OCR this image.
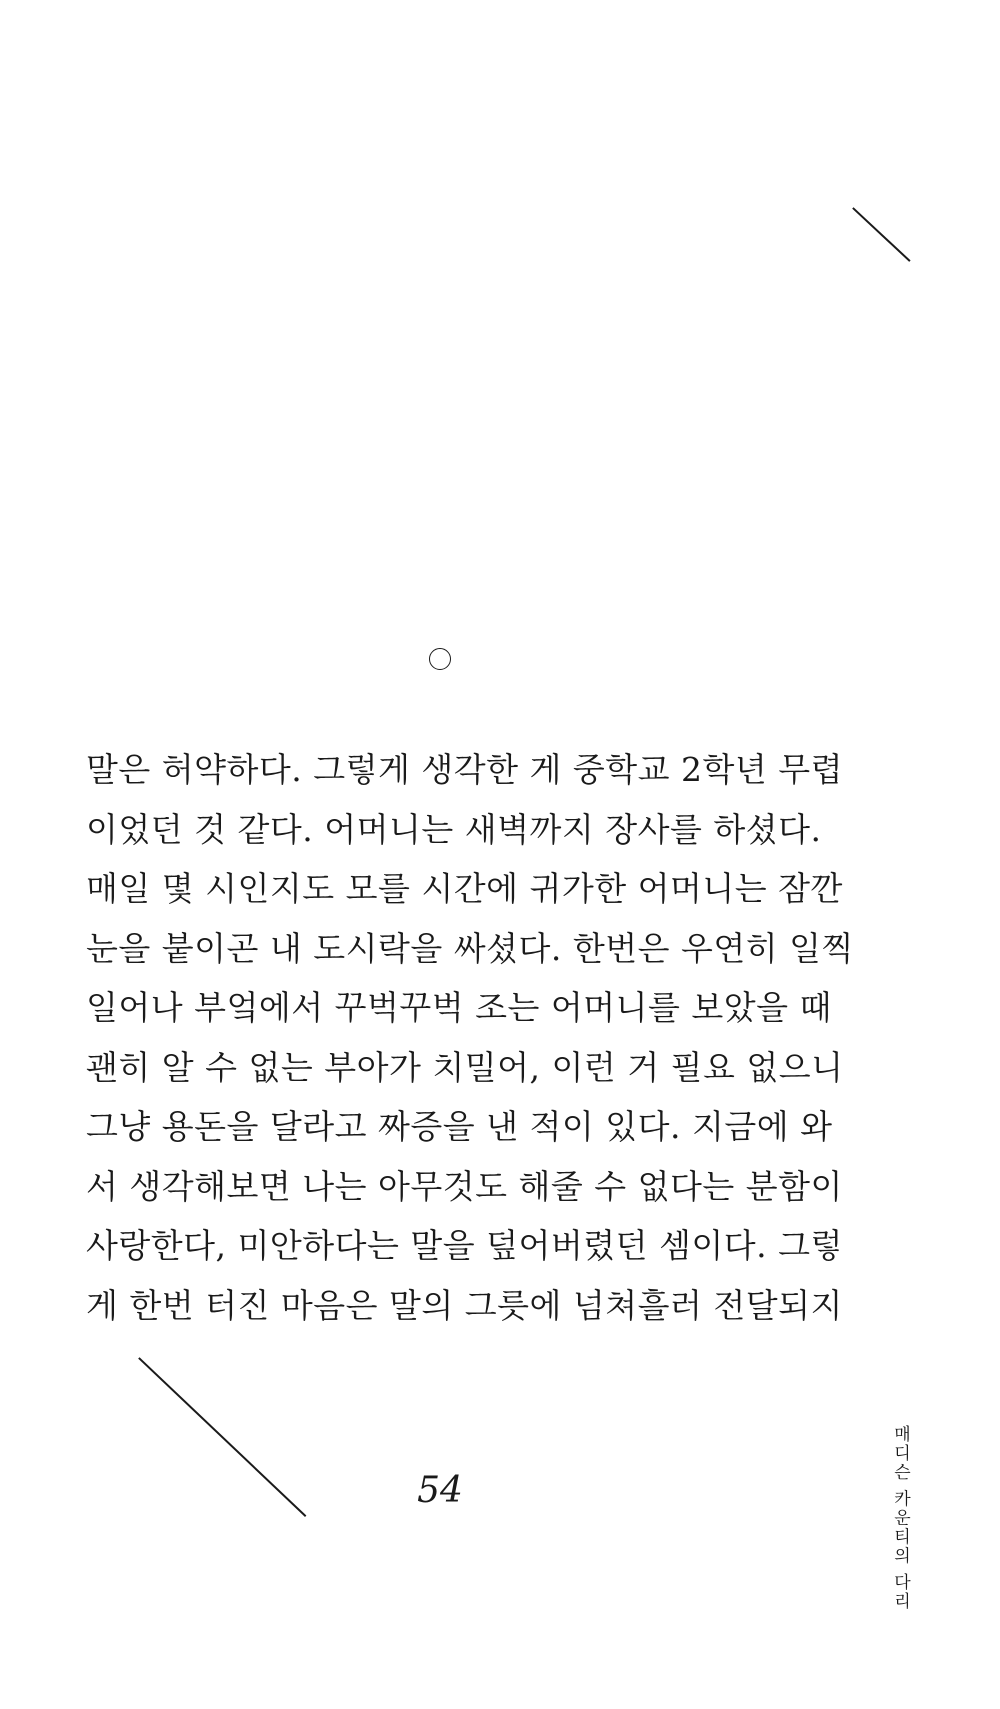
말은 허약하다. 그렇게 생각한 게 중학교 2학년 무렵
이었던 것 같다. 어머니는 새벽까지 장사를 하셨다.
매일 몇 시인지도 모를 시간에 귀가한 어머니는 잠깐
눈을 붙이곤 내 도시락을 싸셨다. 한번은 우연히 일찍
일어나 부엌에서 꾸벅꾸벅 조는 어머니를 보았을 때
괜히 알 수 없는 부아가 치밀어, 이런 거 필요 없으니
그냥 용돈을 달라고 짜증을 낸 적이 있다. 지금에 와
서 생각해보면 나는 아무것도 해줄 수 없다는 분함이
사랑한다, 미안하다는 말을 덮어버렸던 셈이다. 그렇
게 한번 터진 마음은 말의 그릇에 넘쳐흘러 전달되지
54	매디슨 카운티의 다리
